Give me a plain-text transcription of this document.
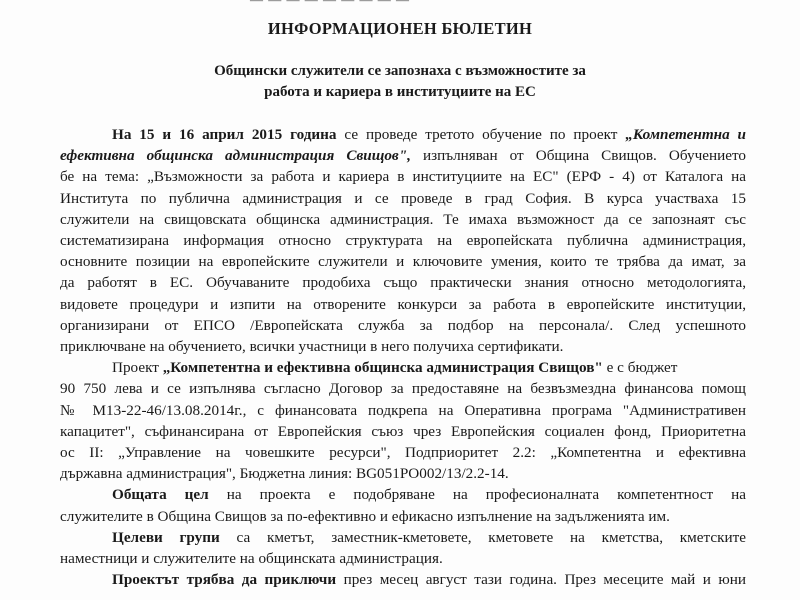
ИНФОРМАЦИОНЕН БЮЛЕТИН
Общински служители се запознаха с възможностите за
работа и кариера в институциите на ЕС
На 15 и 16 април 2015 година се проведе третото обучение по проект „Компетентна и
ефективна общинска администрация Свищов", изпълняван от Община Свищов. Обучението
бе на тема: „Възможности за работа и кариера в институциите на ЕС" (ЕРФ - 4) от Каталога на
Института по публична администрация и се проведе в град София. В курса участваха 15
служители на свищовската общинска администрация. Те имаха възможност да се запознаят със
систематизирана информация относно структурата на европейската публична администрация,
основните позиции на европейските служители и ключовите умения, които те трябва да имат, за
да работят в ЕС. Обучаваните продобиха също практически знания относно методологията,
видовете процедури и изпити на отворените конкурси за работа в европейските институции,
организирани от ЕПСО /Европейската служба за подбор на персонала/. След успешното
приключване на обучението, всички участници в него получиха сертификати.
Проект „Компетентна и ефективна общинска администрация Свищов" е с бюджет
90 750 лева и се изпълнява съгласно Договор за предоставяне на безвъзмездна финансова помощ
№ М13-22-46/13.08.2014г., с финансовата подкрепа на Оперативна програма "Административен
капацитет", съфинансирана от Европейския съюз чрез Европейския социален фонд, Приоритетна
ос II: „Управление на човешките ресурси", Подприоритет 2.2: „Компетентна и ефективна
държавна администрация", Бюджетна линия: BG051PO002/13/2.2-14.
Общата цел на проекта е подобряване на професионалната компетентност на
служителите в Община Свищов за по-ефективно и ефикасно изпълнение на задълженията им.
Целеви групи са кметът, заместник-кметовете, кметовете на кметства, кметските
наместници и служителите на общинската администрация.
Проектът трябва да приключи през месец август тази година. През месеците май и юни
